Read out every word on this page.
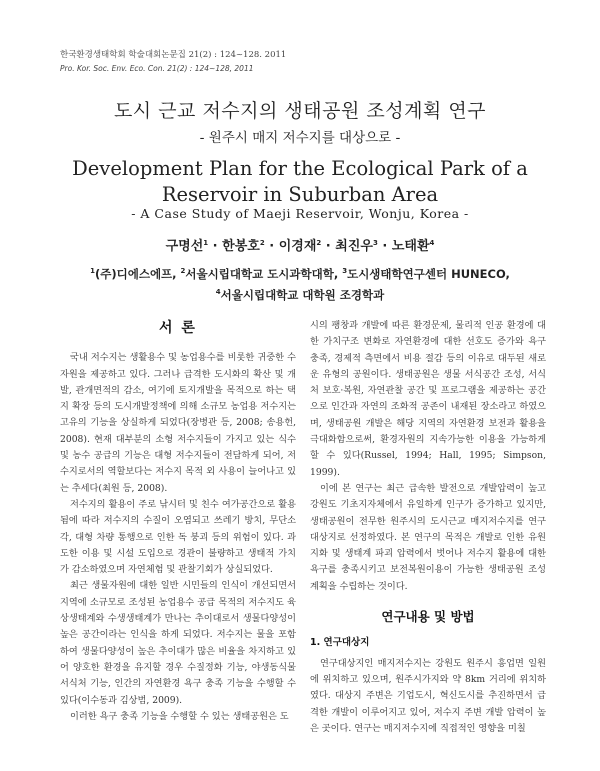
한국환경생태학회 학술대회논문집 21(2) : 124~128. 2011
Pro. Kor. Soc. Env. Eco. Con. 21(2) : 124~128, 2011
도시 근교 저수지의 생태공원 조성계획 연구
- 원주시 매지 저수지를 대상으로 -
Development Plan for the Ecological Park of a Reservoir in Suburban Area
- A Case Study of Maeji Reservoir, Wonju, Korea -
구명선$^1$ · 한봉호$^2$ · 이경재$^2$ · 최진우$^3$ · 노태환$^4$
$^1$(주)디에스에프, $^2$서울시립대학교 도시과학대학, $^3$도시생태학연구센터 HUNECO,
$^4$서울시립대학교 대학원 조경학과
서 론

국내 저수지는 생활용수 및 농업용수를 비롯한 귀중한 수자원을 제공하고 있다. 그러나 급격한 도시화의 확산 및 개발, 관개면적의 감소, 여기에 토지개발을 목적으로 하는 택지 확장 등의 도시개발정책에 의해 소규모 농업용 저수지는 고유의 기능을 상실하게 되었다(장병관 등, 2008; 송용헌, 2008). 현재 대부분의 소형 저수지들이 가지고 있는 식수 및 농수 공급의 기능은 대형 저수지들이 전담하게 되어, 저수지로서의 역할보다는 저수지 목적 외 사용이 늘어나고 있는 추세다(최원 등, 2008).

저수지의 활용이 주로 낚시터 및 친수 여가공간으로 활용됨에 따라 저수지의 수질이 오염되고 쓰레기 방치, 무단소각, 대형 차량 통행으로 인한 독 붕괴 등의 위험이 있다. 과도한 이용 및 시설 도입으로 경관이 불량하고 생태적 가치가 감소하였으며 자연체험 및 관찰기회가 상실되었다.

최근 생물자원에 대한 일반 시민들의 인식이 개선되면서 지역에 소규모로 조성된 농업용수 공급 목적의 저수지도 육상생태계와 수생생태계가 만나는 추이대로서 생물다양성이 높은 공간이라는 인식을 하게 되었다. 저수지는 물을 포함하여 생물다양성이 높은 추이대가 많은 비율을 차지하고 있어 양호한 환경을 유지할 경우 수질정화 기능, 야생동식물 서식처 기능, 인간의 자연환경 욕구 충족 기능을 수행할 수 있다(이수동과 김상범, 2009).

이러한 욕구 충족 기능을 수행할 수 있는 생태공원은 도

시의 팽창과 개발에 따른 환경문제, 물리적 인공 환경에 대한 가치구조 변화로 자연환경에 대한 선호도 증가와 욕구 충족, 경제적 측면에서 비용 절감 등의 이유로 대두된 새로운 유형의 공원이다. 생태공원은 생물 서식공간 조성, 서식처 보호·복원, 자연관찰 공간 및 프로그램을 제공하는 공간으로 인간과 자연의 조화적 공존이 내재된 장소라고 하였으며, 생태공원 개발은 해당 지역의 자연환경 보전과 활용을 극대화함으로써, 환경자원의 지속가능한 이용을 가능하게 할 수 있다(Russel, 1994; Hall, 1995; Simpson, 1999).

이에 본 연구는 최근 급속한 발전으로 개발압력이 높고 강원도 기초지자체에서 유일하게 인구가 증가하고 있지만, 생태공원이 전무한 원주시의 도시근교 매지저수지를 연구대상지로 선정하였다. 본 연구의 목적은 개발로 인한 유원지화 및 생태계 파괴 압력에서 벗어나 저수지 활용에 대한 욕구를 충족시키고 보전복원이용이 가능한 생태공원 조성계획을 수립하는 것이다.

연구내용 및 방법
1. 연구대상지

연구대상지인 매지저수지는 강원도 원주시 흥업면 일원에 위치하고 있으며, 원주시가지와 약 8km 거리에 위치하였다. 대상지 주변은 기업도시, 혁신도시를 추진하면서 급격한 개발이 이루어지고 있어, 저수지 주변 개발 압력이 높은 곳이다. 연구는 매지저수지에 직접적인 영향을 미칠
